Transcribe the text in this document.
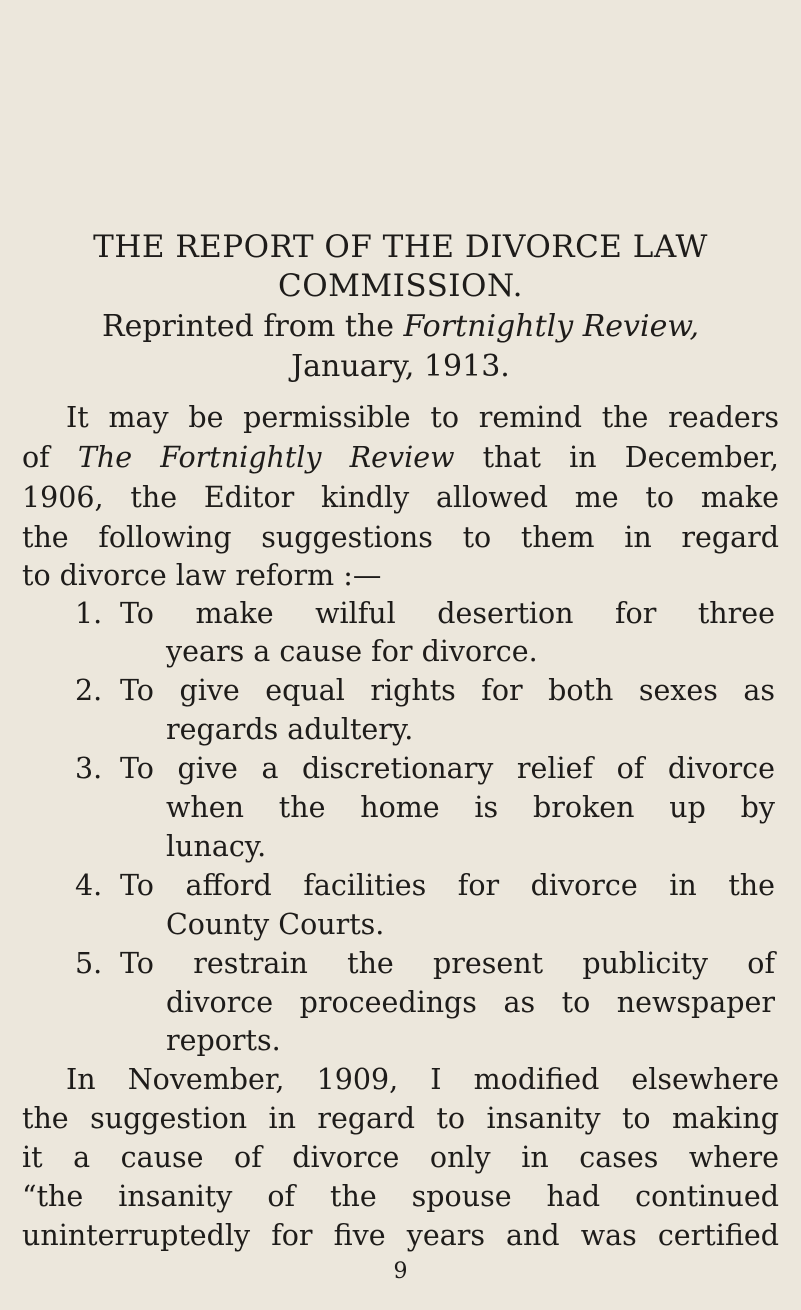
THE REPORT OF THE DIVORCE LAW
COMMISSION.

Reprinted from the Fortnightly Review,

January, 1913.

It may be permissible to remind the readers
of The Fortnightly Review that in December,
1906, the Editor kindly allowed me to make
the following suggestions to them in regard
to divorce law reform :—
1. To make wilful desertion for three
years a cause for divorce.
2. To give equal rights for both sexes as
regards adultery.
3. To give a discretionary relief of divorce
when the home is broken up by
lunacy.
4. To afford facilities for divorce in the
County Courts.
5. To restrain the present publicity of
divorce proceedings as to newspaper
reports.
In November, 1909, I modified elsewhere
the suggestion in regard to insanity to making
it a cause of divorce only in cases where
“the insanity of the spouse had continued
uninterruptedly for five years and was certified
9
